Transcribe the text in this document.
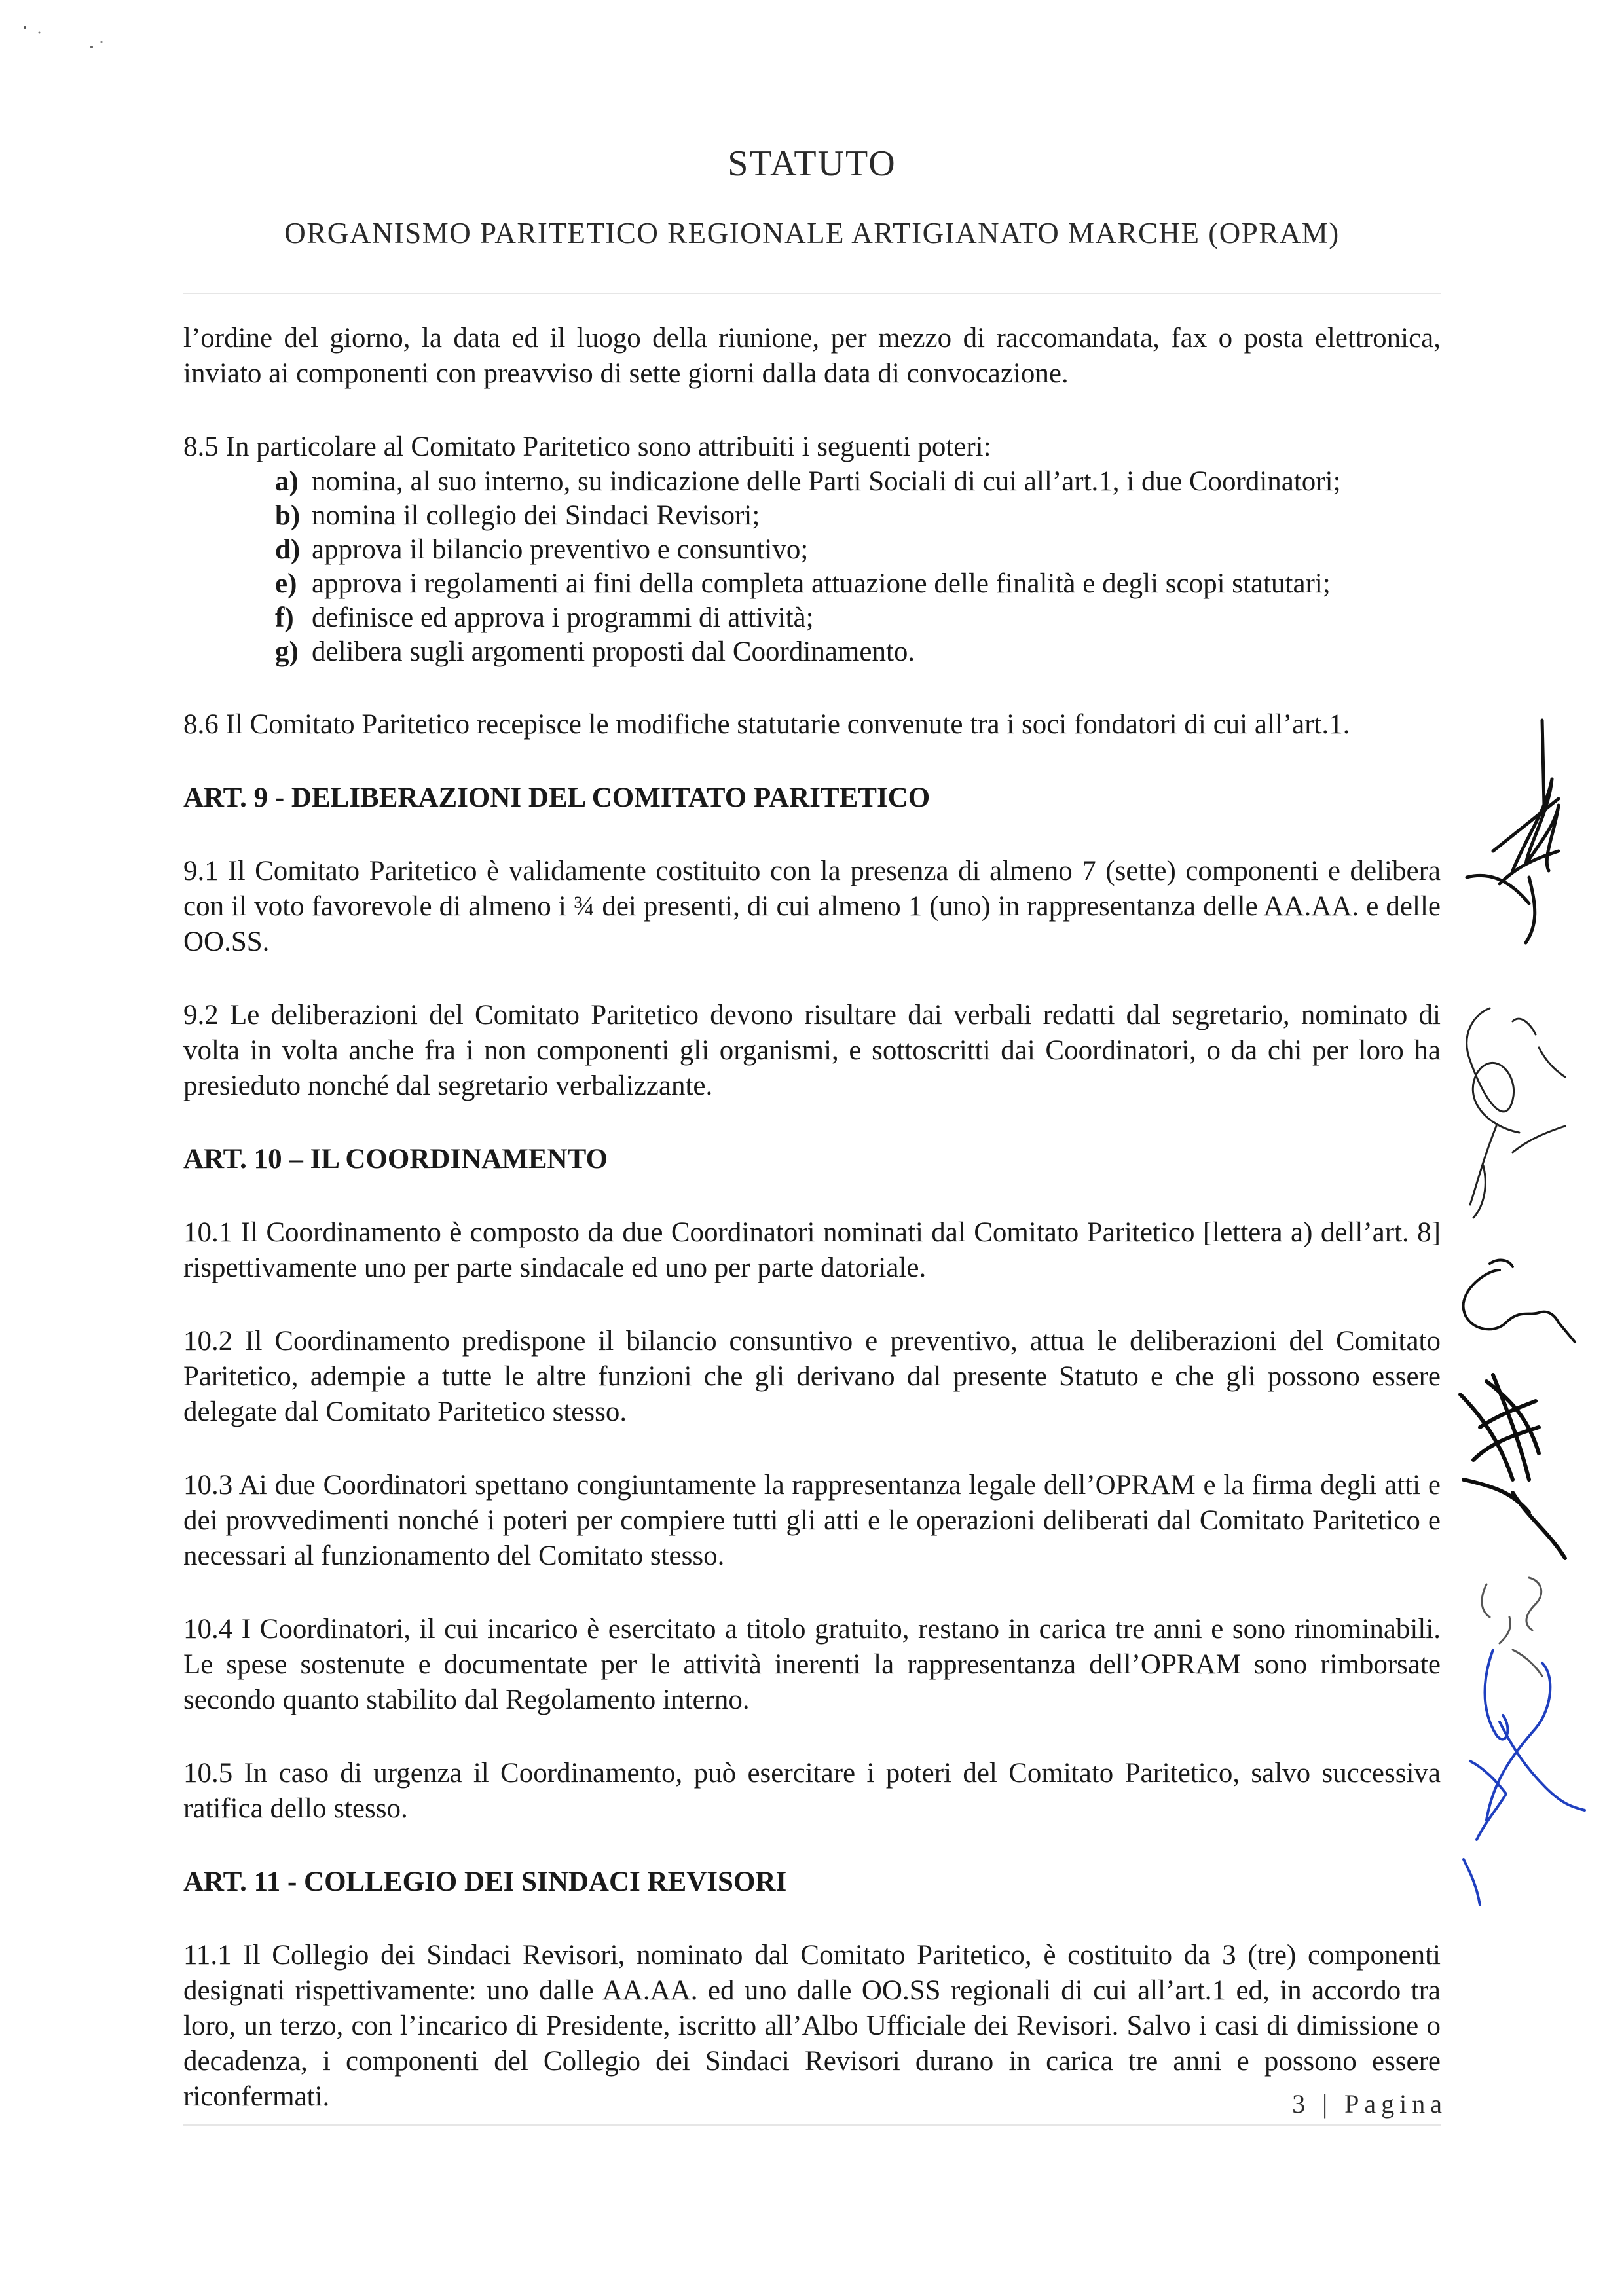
STATUTO
ORGANISMO PARITETICO REGIONALE ARTIGIANATO MARCHE (OPRAM)

l’ordine del giorno, la data ed il luogo della riunione, per mezzo di raccomandata, fax o posta elettronica, inviato ai componenti con preavviso di sette giorni dalla data di convocazione.

8.5 In particolare al Comitato Paritetico sono attribuiti i seguenti poteri:

a) nomina, al suo interno, su indicazione delle Parti Sociali di cui all’art.1, i due Coordinatori;
b) nomina il collegio dei Sindaci Revisori;
d) approva il bilancio preventivo e consuntivo;
e) approva i regolamenti ai fini della completa attuazione delle finalità e degli scopi statutari;
f) definisce ed approva i programmi di attività;
g) delibera sugli argomenti proposti dal Coordinamento.

8.6 Il Comitato Paritetico recepisce le modifiche statutarie convenute tra i soci fondatori di cui all’art.1.

ART. 9 - DELIBERAZIONI DEL COMITATO PARITETICO

9.1 Il Comitato Paritetico è validamente costituito con la presenza di almeno 7 (sette) componenti e delibera con il voto favorevole di almeno i ¾ dei presenti, di cui almeno 1 (uno) in rappresentanza delle AA.AA. e delle OO.SS.

9.2 Le deliberazioni del Comitato Paritetico devono risultare dai verbali redatti dal segretario, nominato di volta in volta anche fra i non componenti gli organismi, e sottoscritti dai Coordinatori, o da chi per loro ha presieduto nonché dal segretario verbalizzante.

ART. 10 – IL COORDINAMENTO

10.1 Il Coordinamento è composto da due Coordinatori nominati dal Comitato Paritetico [lettera a) dell’art. 8] rispettivamente uno per parte sindacale ed uno per parte datoriale.

10.2 Il Coordinamento predispone il bilancio consuntivo e preventivo, attua le deliberazioni del Comitato Paritetico, adempie a tutte le altre funzioni che gli derivano dal presente Statuto e che gli possono essere delegate dal Comitato Paritetico stesso.

10.3 Ai due Coordinatori spettano congiuntamente la rappresentanza legale dell’OPRAM e la firma degli atti e dei provvedimenti nonché i poteri per compiere tutti gli atti e le operazioni deliberati dal Comitato Paritetico e necessari al funzionamento del Comitato stesso.

10.4 I Coordinatori, il cui incarico è esercitato a titolo gratuito, restano in carica tre anni e sono rinominabili. Le spese sostenute e documentate per le attività inerenti la rappresentanza dell’OPRAM sono rimborsate secondo quanto stabilito dal Regolamento interno.

10.5 In caso di urgenza il Coordinamento, può esercitare i poteri del Comitato Paritetico, salvo successiva ratifica dello stesso.

ART. 11 - COLLEGIO DEI SINDACI REVISORI

11.1 Il Collegio dei Sindaci Revisori, nominato dal Comitato Paritetico, è costituito da 3 (tre) componenti designati rispettivamente: uno dalle AA.AA. ed uno dalle OO.SS regionali di cui all’art.1 ed, in accordo tra loro, un terzo, con l’incarico di Presidente, iscritto all’Albo Ufficiale dei Revisori. Salvo i casi di dimissione o decadenza, i componenti del Collegio dei Sindaci Revisori durano in carica tre anni e possono essere riconfermati.	3 | Pagina
